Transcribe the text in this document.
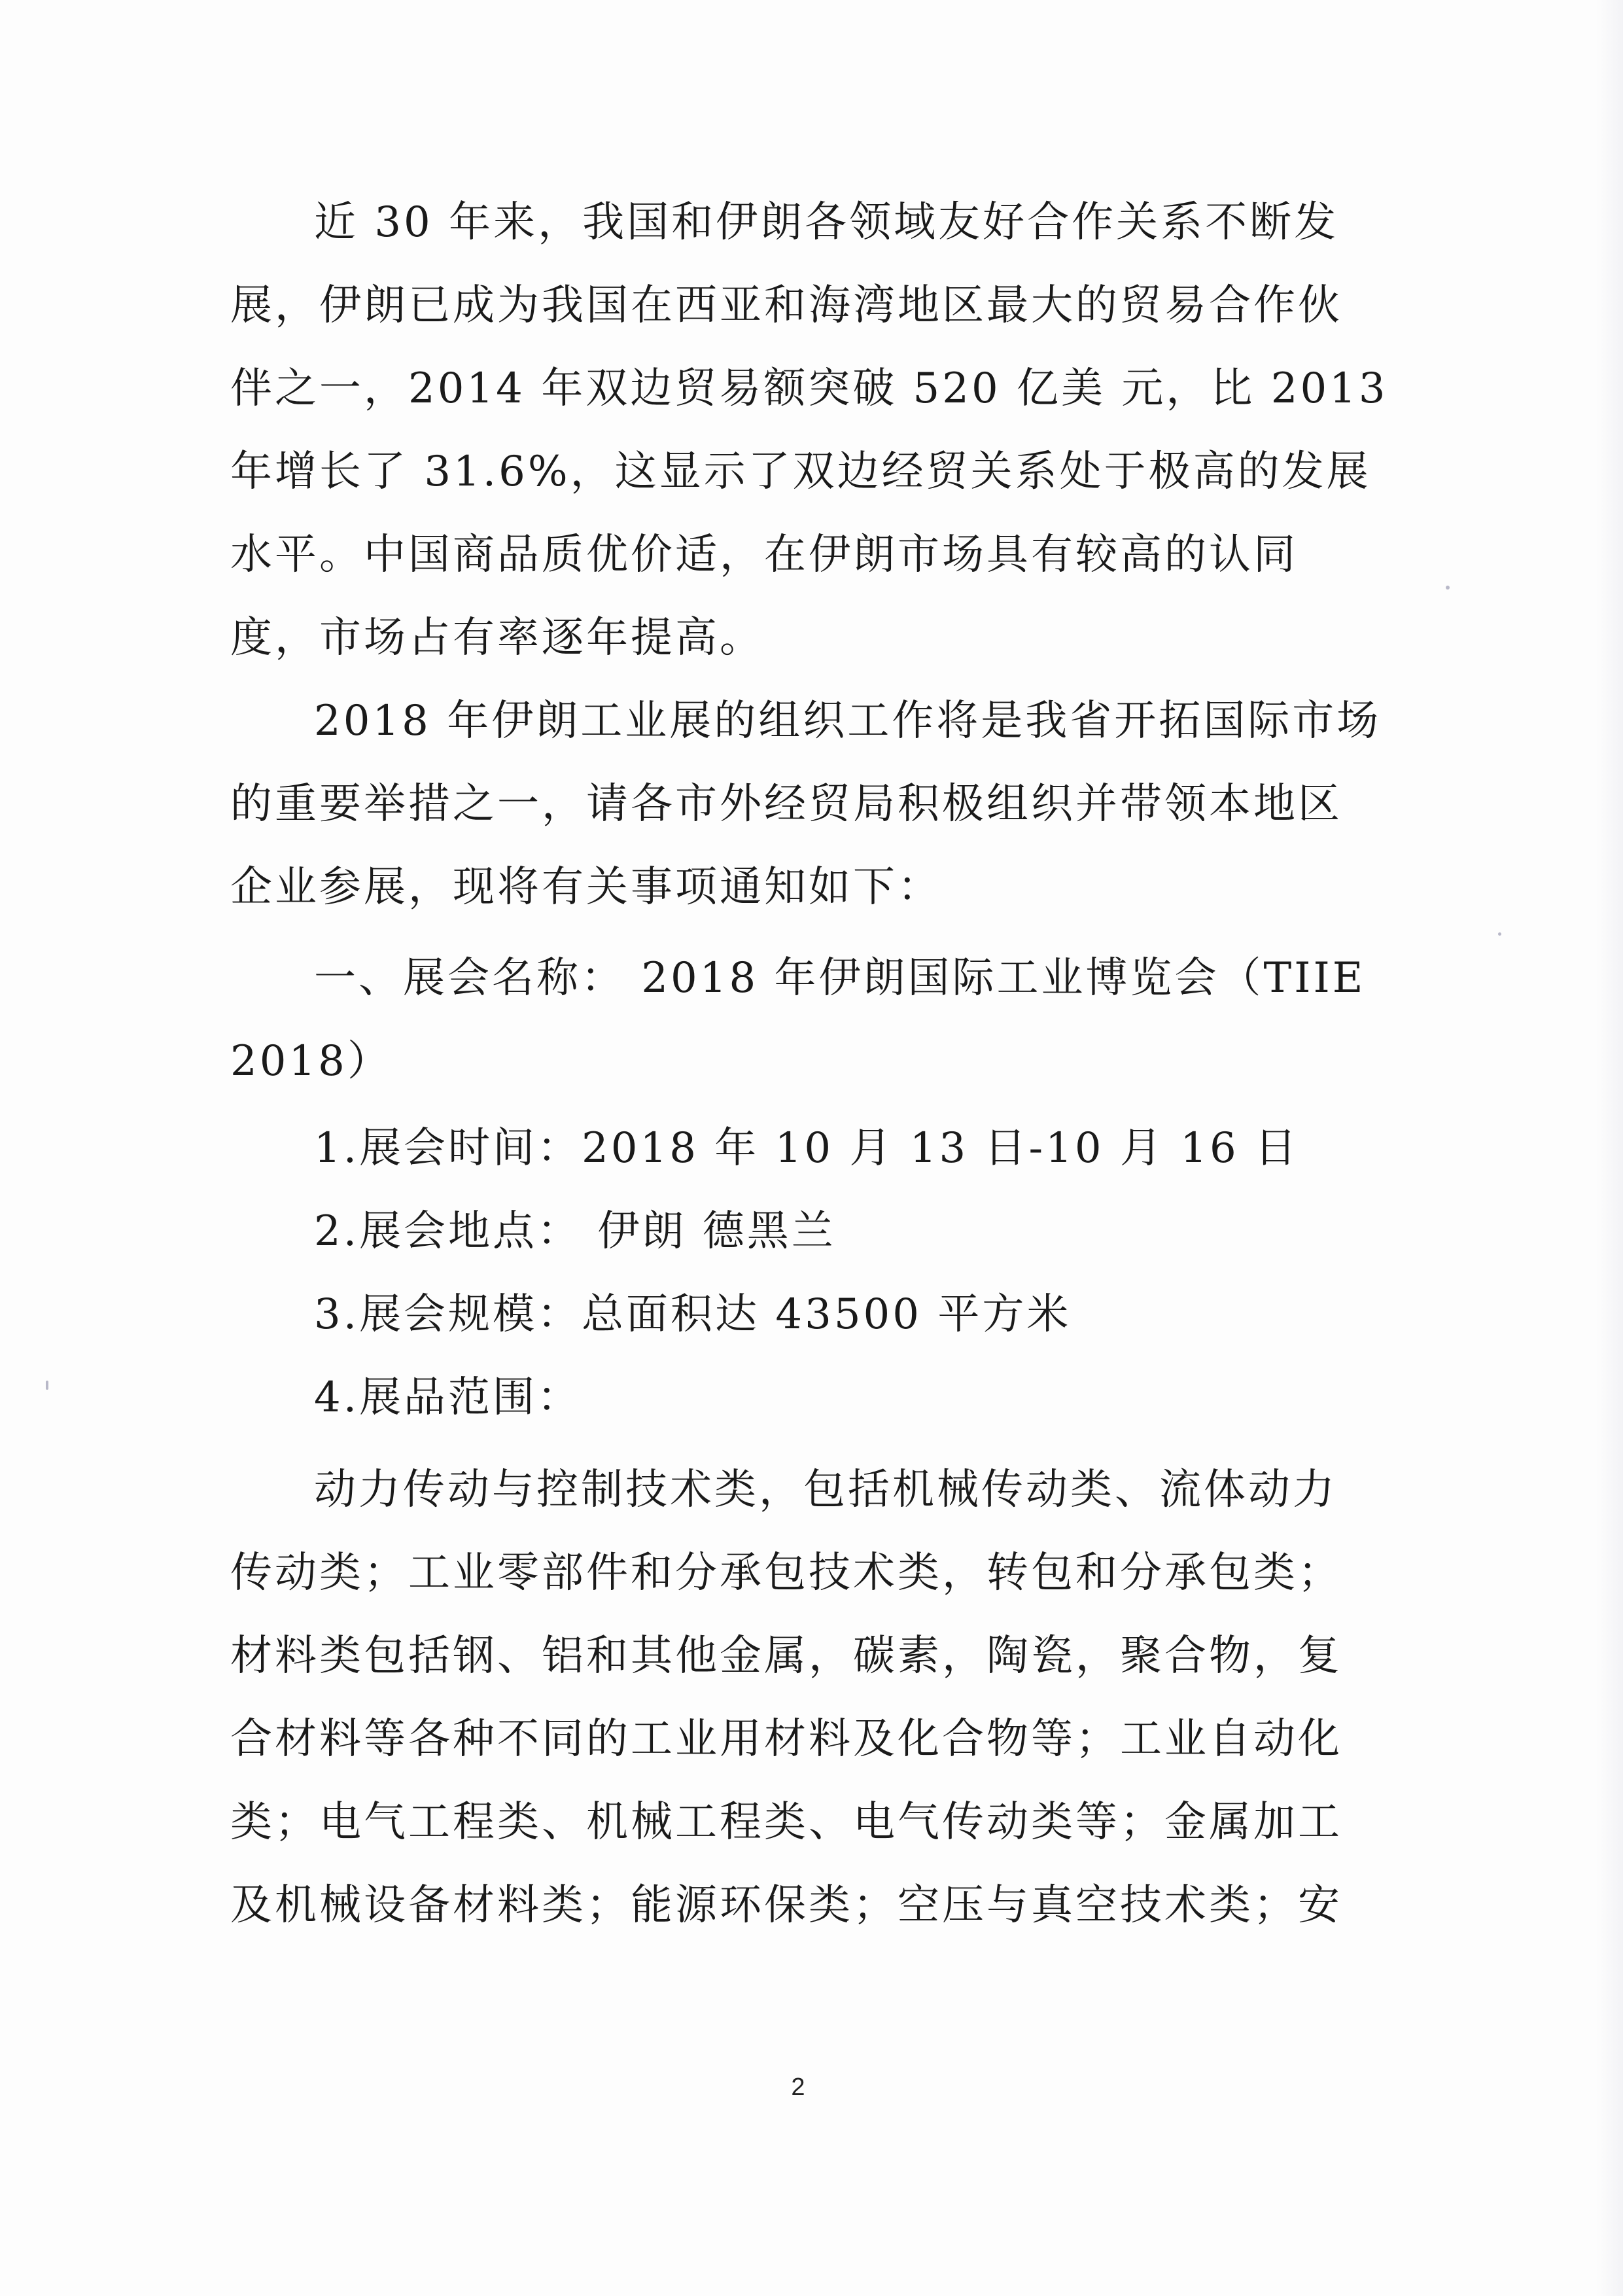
近 30 年来，我国和伊朗各领域友好合作关系不断发
展，伊朗已成为我国在西亚和海湾地区最大的贸易合作伙
伴之一，2014 年双边贸易额突破 520 亿美 元，比 2013
年增长了 31.6%，这显示了双边经贸关系处于极高的发展
水平。中国商品质优价适，在伊朗市场具有较高的认同
度，市场占有率逐年提高。
2018 年伊朗工业展的组织工作将是我省开拓国际市场
的重要举措之一，请各市外经贸局积极组织并带领本地区
企业参展，现将有关事项通知如下：
一、展会名称： 2018 年伊朗国际工业博览会（TIIE
2018）
1.展会时间：2018 年 10 月 13 日-10 月 16 日
2.展会地点： 伊朗 德黑兰
3.展会规模：总面积达 43500 平方米
4.展品范围：
动力传动与控制技术类，包括机械传动类、流体动力
传动类；工业零部件和分承包技术类，转包和分承包类；
材料类包括钢、铝和其他金属，碳素，陶瓷，聚合物，复
合材料等各种不同的工业用材料及化合物等；工业自动化
类；电气工程类、机械工程类、电气传动类等；金属加工
及机械设备材料类；能源环保类；空压与真空技术类；安
2
